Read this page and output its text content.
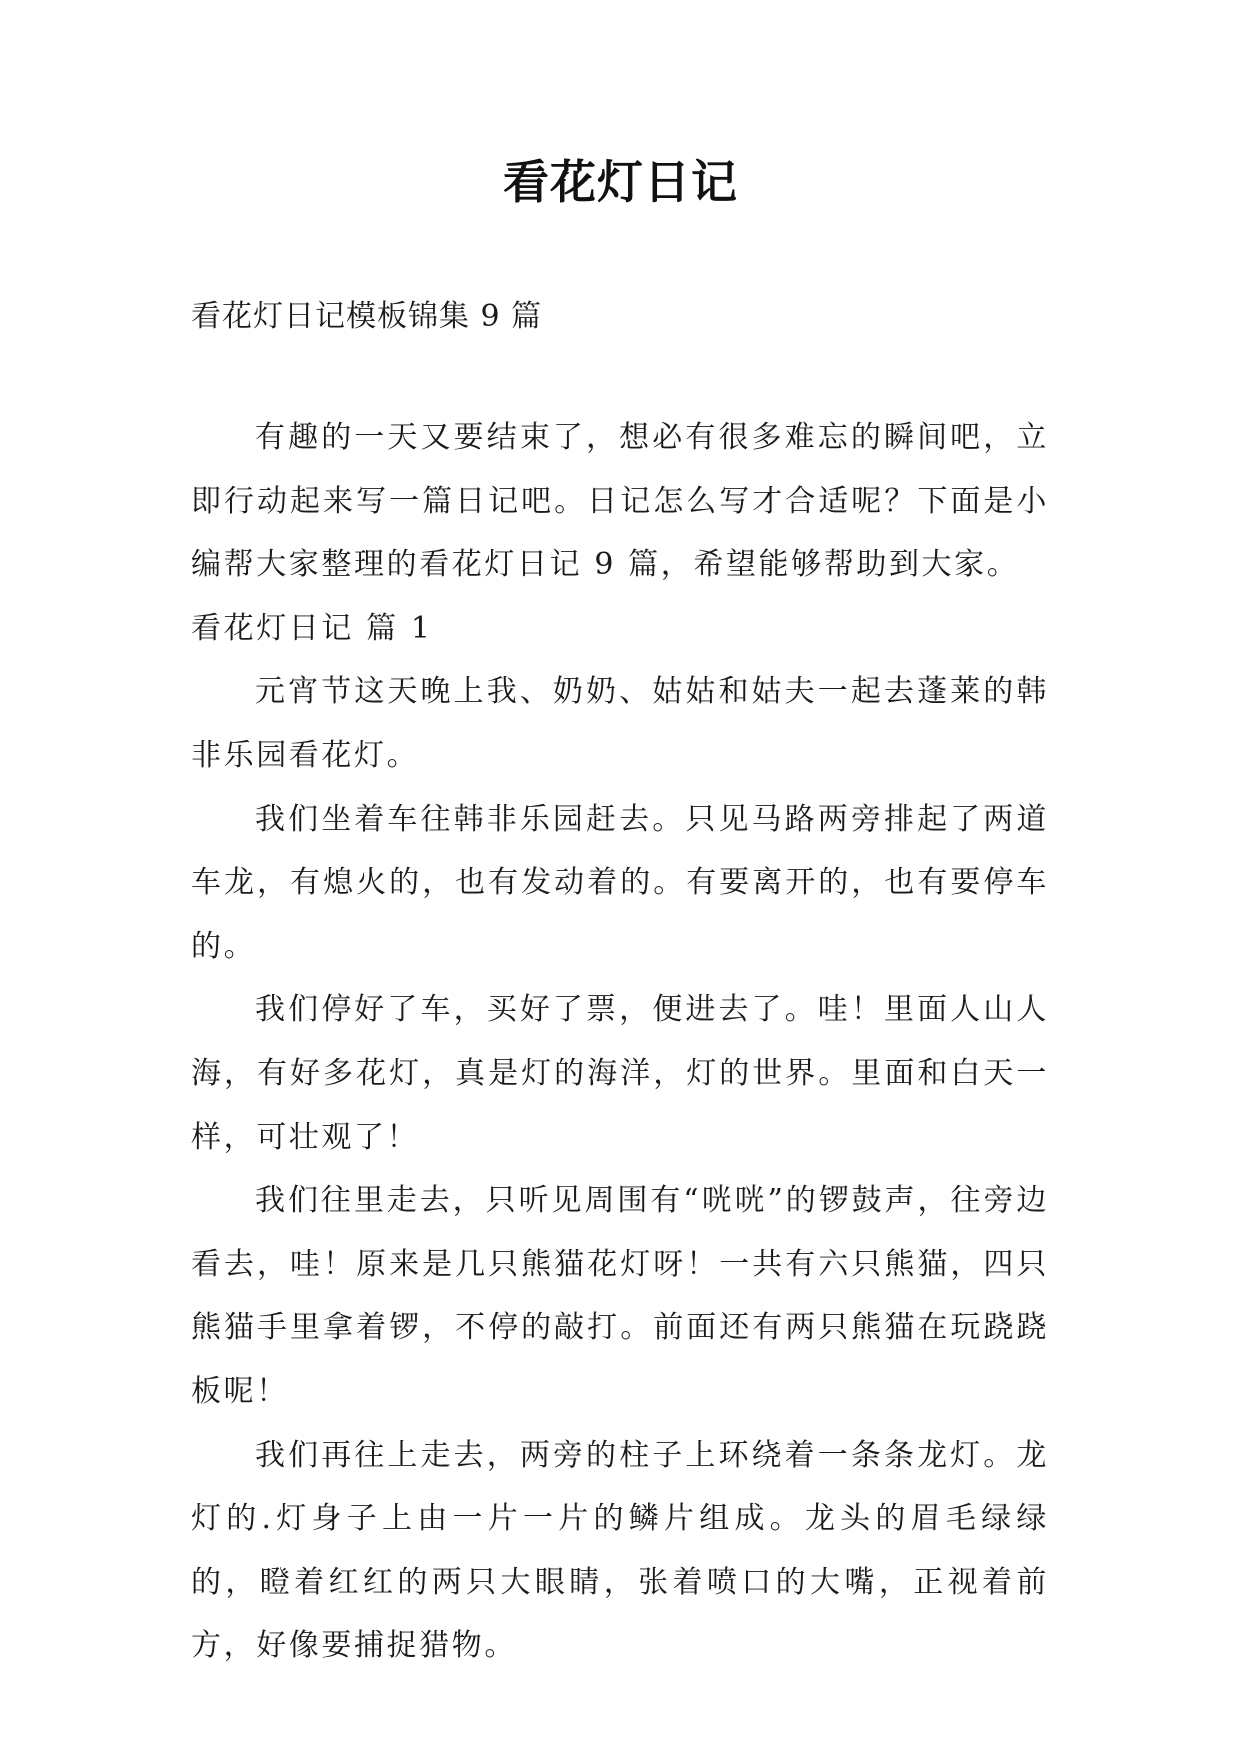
看花灯日记
看花灯日记模板锦集 9 篇

有趣的一天又要结束了，想必有很多难忘的瞬间吧，立即行动起来写一篇日记吧。日记怎么写才合适呢？下面是小编帮大家整理的看花灯日记 9 篇，希望能够帮助到大家。

看花灯日记 篇 1

元宵节这天晚上我、奶奶、姑姑和姑夫一起去蓬莱的韩非乐园看花灯。

我们坐着车往韩非乐园赶去。只见马路两旁排起了两道车龙，有熄火的，也有发动着的。有要离开的，也有要停车的。

我们停好了车，买好了票，便进去了。哇！里面人山人海，有好多花灯，真是灯的海洋，灯的世界。里面和白天一样，可壮观了！

我们往里走去，只听见周围有“咣咣”的锣鼓声，往旁边看去，哇！原来是几只熊猫花灯呀！一共有六只熊猫，四只熊猫手里拿着锣，不停的敲打。前面还有两只熊猫在玩跷跷板呢！

我们再往上走去，两旁的柱子上环绕着一条条龙灯。龙灯的.灯身子上由一片一片的鳞片组成。龙头的眉毛绿绿的，瞪着红红的两只大眼睛，张着喷口的大嘴，正视着前方，好像要捕捉猎物。
